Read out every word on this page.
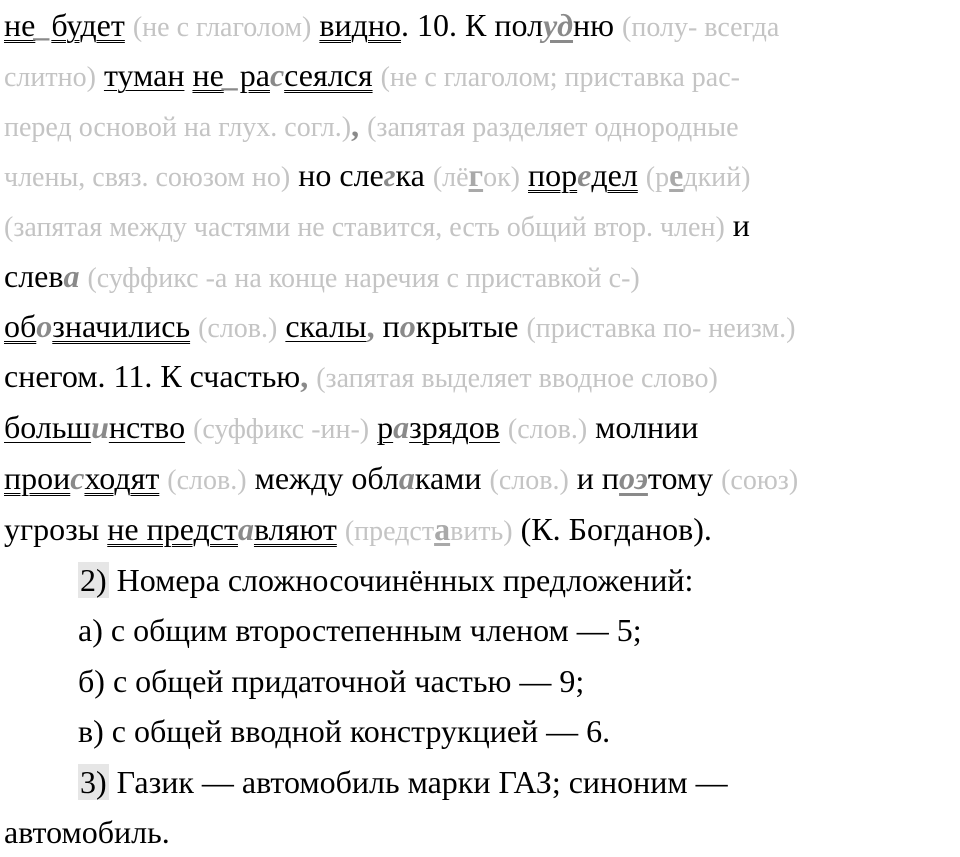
не_будет (не с глаголом) видно. 10. К полудню (полу- всегда
слитно) туман не_рассеялся (не с глаголом; приставка рас-
перед основой на глух. согл.), (запятая разделяет однородные
члены, связ. союзом но) но слегка (лёгок) поредел (редкий)
(запятая между частями не ставится, есть общий втор. член) и
слева (суффикс -а на конце наречия с приставкой с-)
обозначились (слов.) скалы, покрытые (приставка по- неизм.)
снегом. 11. К счастью, (запятая выделяет вводное слово)
большинство (суффикс -ин-) разрядов (слов.) молнии
происходят (слов.) между облаками (слов.) и поэтому (союз)
угрозы не представляют (представить) (К. Богданов).
2) Номера сложносочинённых предложений:
а) с общим второстепенным членом — 5;
б) с общей придаточной частью — 9;
в) с общей вводной конструкцией — 6.
3) Газик — автомобиль марки ГАЗ; синоним —
автомобиль.
